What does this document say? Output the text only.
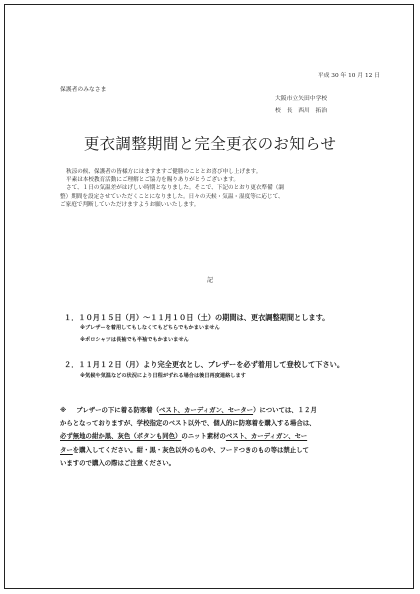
平成 30 年 10 月 12 日
保護者のみなさま
大阪市立矢田中学校
校　長　西川　拓治
更衣調整期間と完全更衣のお知らせ

秋涼の候、保護者の皆様方にはますますご健勝のこととお喜び申し上げます。

平素は本校教育活動にご理解とご協力を賜りありがとうございます。

さて、１日の気温差がはげしい時期となりました。そこで、下記のとおり更衣準備（調

整）期間を設定させていただくことになりました。日々の天候・気温・湿度等に応じて、

ご家庭で判断していただけますようお願いいたします。

記
１．１０月１５日（月）～１１月１０日（土）の期間は、更衣調整期間とします。
※ブレザーを着用してもしなくてもどちらでもかまいません
※ポロシャツは長袖でも半袖でもかまいません
２．１１月１２日（月）より完全更衣とし、ブレザーを必ず着用して登校して下さい。
※気候や気温などの状況により日程がずれる場合は後日再度連絡します

※ ブレザーの下に着る防寒着（ベスト、カーディガン、セーター）については、１２月

からとなっておりますが、学校指定のベスト以外で、個人的に防寒着を購入する場合は、

必ず無地の紺か黒、灰色（ボタンも同色）のニット素材のベスト、カーディガン、セー

ターを購入してください。紺・黒・灰色以外のものや、フードつきのもの等は禁止して

いますので購入の際はご注意ください。
